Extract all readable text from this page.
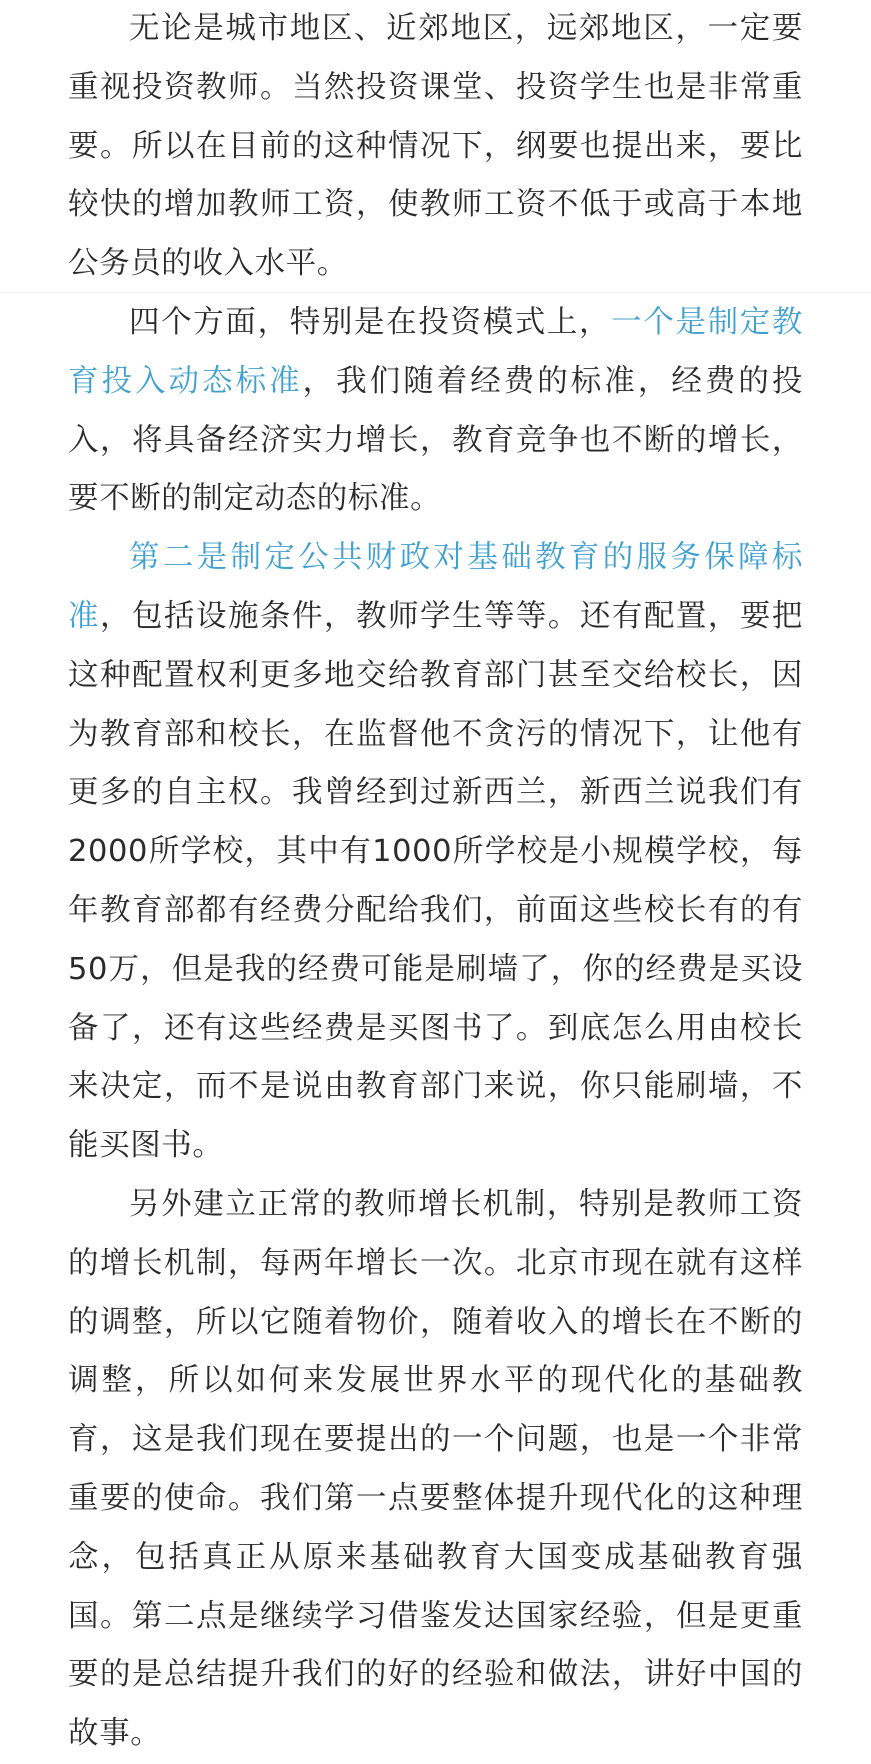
无论是城市地区、近郊地区，远郊地区，一定要重视投资教师。当然投资课堂、投资学生也是非常重要。所以在目前的这种情况下，纲要也提出来，要比较快的增加教师工资，使教师工资不低于或高于本地公务员的收入水平。

四个方面，特别是在投资模式上，一个是制定教育投入动态标准，我们随着经费的标准，经费的投入，将具备经济实力增长，教育竞争也不断的增长，要不断的制定动态的标准。

第二是制定公共财政对基础教育的服务保障标准，包括设施条件，教师学生等等。还有配置，要把这种配置权利更多地交给教育部门甚至交给校长，因为教育部和校长，在监督他不贪污的情况下，让他有更多的自主权。我曾经到过新西兰，新西兰说我们有2000所学校，其中有1000所学校是小规模学校，每年教育部都有经费分配给我们，前面这些校长有的有50万，但是我的经费可能是刷墙了，你的经费是买设备了，还有这些经费是买图书了。到底怎么用由校长来决定，而不是说由教育部门来说，你只能刷墙，不能买图书。

另外建立正常的教师增长机制，特别是教师工资的增长机制，每两年增长一次。北京市现在就有这样的调整，所以它随着物价，随着收入的增长在不断的调整，所以如何来发展世界水平的现代化的基础教育，这是我们现在要提出的一个问题，也是一个非常重要的使命。我们第一点要整体提升现代化的这种理念，包括真正从原来基础教育大国变成基础教育强国。第二点是继续学习借鉴发达国家经验，但是更重要的是总结提升我们的好的经验和做法，讲好中国的故事。
